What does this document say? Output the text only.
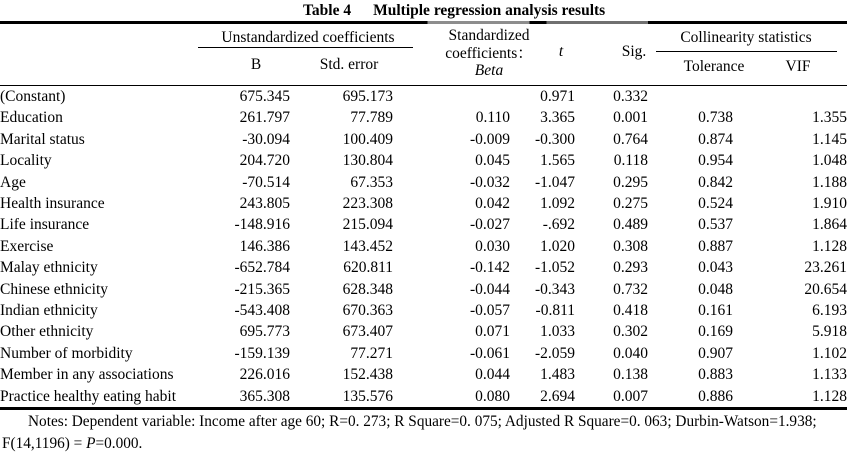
Table 4 Multiple regression analysis results
Unstandardized coefficients
B	Std. error
Standardized
coefficients：
Beta
t	Sig.
Collinearity statistics
Tolerance	VIF
(Constant)	675.345	695.173		0.971	0.332		
Education	261.797	77.789	0.110	3.365	0.001	0.738	1.355
Marital status	-30.094	100.409	-0.009	-0.300	0.764	0.874	1.145
Locality	204.720	130.804	0.045	1.565	0.118	0.954	1.048
Age	-70.514	67.353	-0.032	-1.047	0.295	0.842	1.188
Health insurance	243.805	223.308	0.042	1.092	0.275	0.524	1.910
Life insurance	-148.916	215.094	-0.027	-.692	0.489	0.537	1.864
Exercise	146.386	143.452	0.030	1.020	0.308	0.887	1.128
Malay ethnicity	-652.784	620.811	-0.142	-1.052	0.293	0.043	23.261
Chinese ethnicity	-215.365	628.348	-0.044	-0.343	0.732	0.048	20.654
Indian ethnicity	-543.408	670.363	-0.057	-0.811	0.418	0.161	6.193
Other ethnicity	695.773	673.407	0.071	1.033	0.302	0.169	5.918
Number of morbidity	-159.139	77.271	-0.061	-2.059	0.040	0.907	1.102
Member in any associations	226.016	152.438	0.044	1.483	0.138	0.883	1.133
Practice healthy eating habit	365.308	135.576	0.080	2.694	0.007	0.886	1.128
Notes: Dependent variable: Income after age 60; R=0. 273; R Square=0. 075; Adjusted R Square=0. 063; Durbin-Watson=1.938;
F(14,1196) = P=0.000.
